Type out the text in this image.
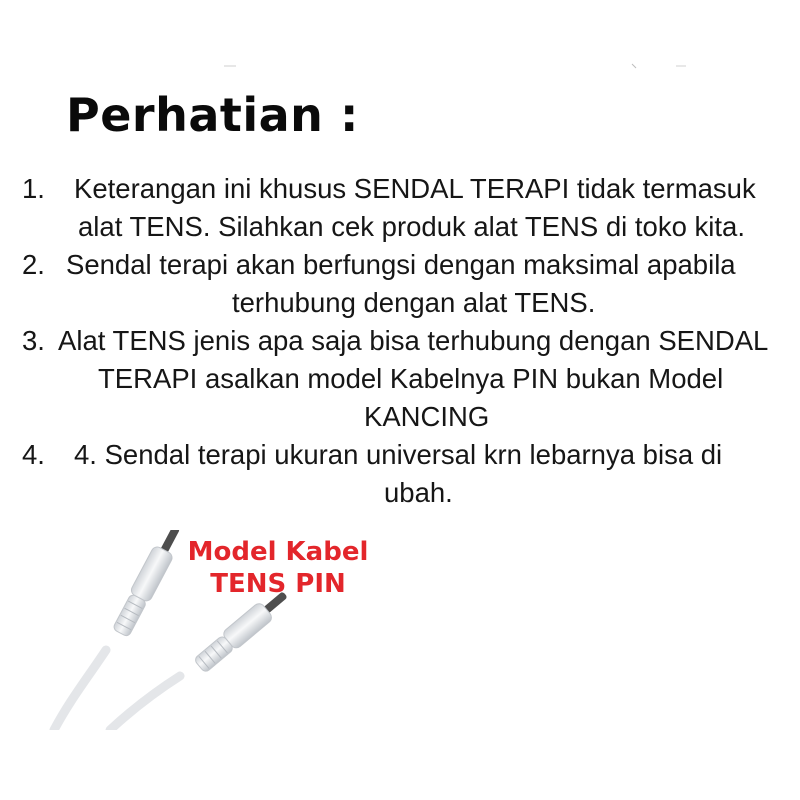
Perhatian :
1.	Keterangan ini khusus SENDAL TERAPI tidak termasuk
alat TENS. Silahkan cek produk alat TENS di toko kita.
2. Sendal terapi akan berfungsi dengan maksimal apabila
terhubung dengan alat TENS.
3. Alat TENS jenis apa saja bisa terhubung dengan SENDAL
TERAPI asalkan model Kabelnya PIN bukan Model
KANCING
4.	4. Sendal terapi ukuran universal krn lebarnya bisa di
ubah.
Model Kabel
TENS PIN
